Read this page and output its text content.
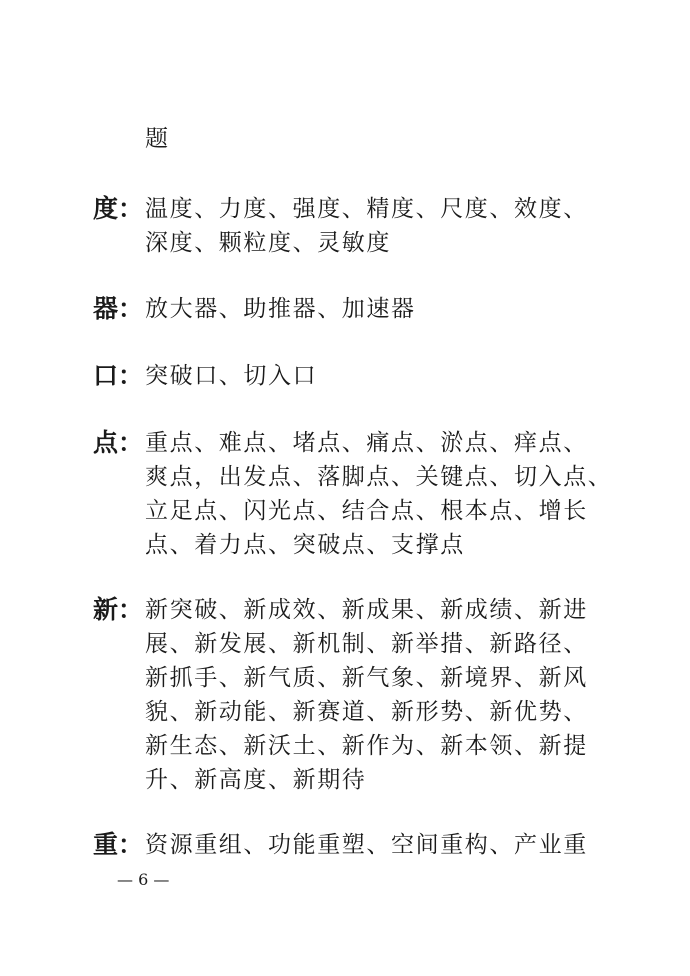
题
度： 温度、力度、强度、精度、尺度、效度、
深度、颗粒度、灵敏度
器： 放大器、助推器、加速器
口： 突破口、切入口
点： 重点、难点、堵点、痛点、淤点、痒点、
爽点，出发点、落脚点、关键点、切入点、
立足点、闪光点、结合点、根本点、增长
点、着力点、突破点、支撑点
新： 新突破、新成效、新成果、新成绩、新进
展、新发展、新机制、新举措、新路径、
新抓手、新气质、新气象、新境界、新风
貌、新动能、新赛道、新形势、新优势、
新生态、新沃土、新作为、新本领、新提
升、新高度、新期待
重： 资源重组、功能重塑、空间重构、产业重
— 6 —
